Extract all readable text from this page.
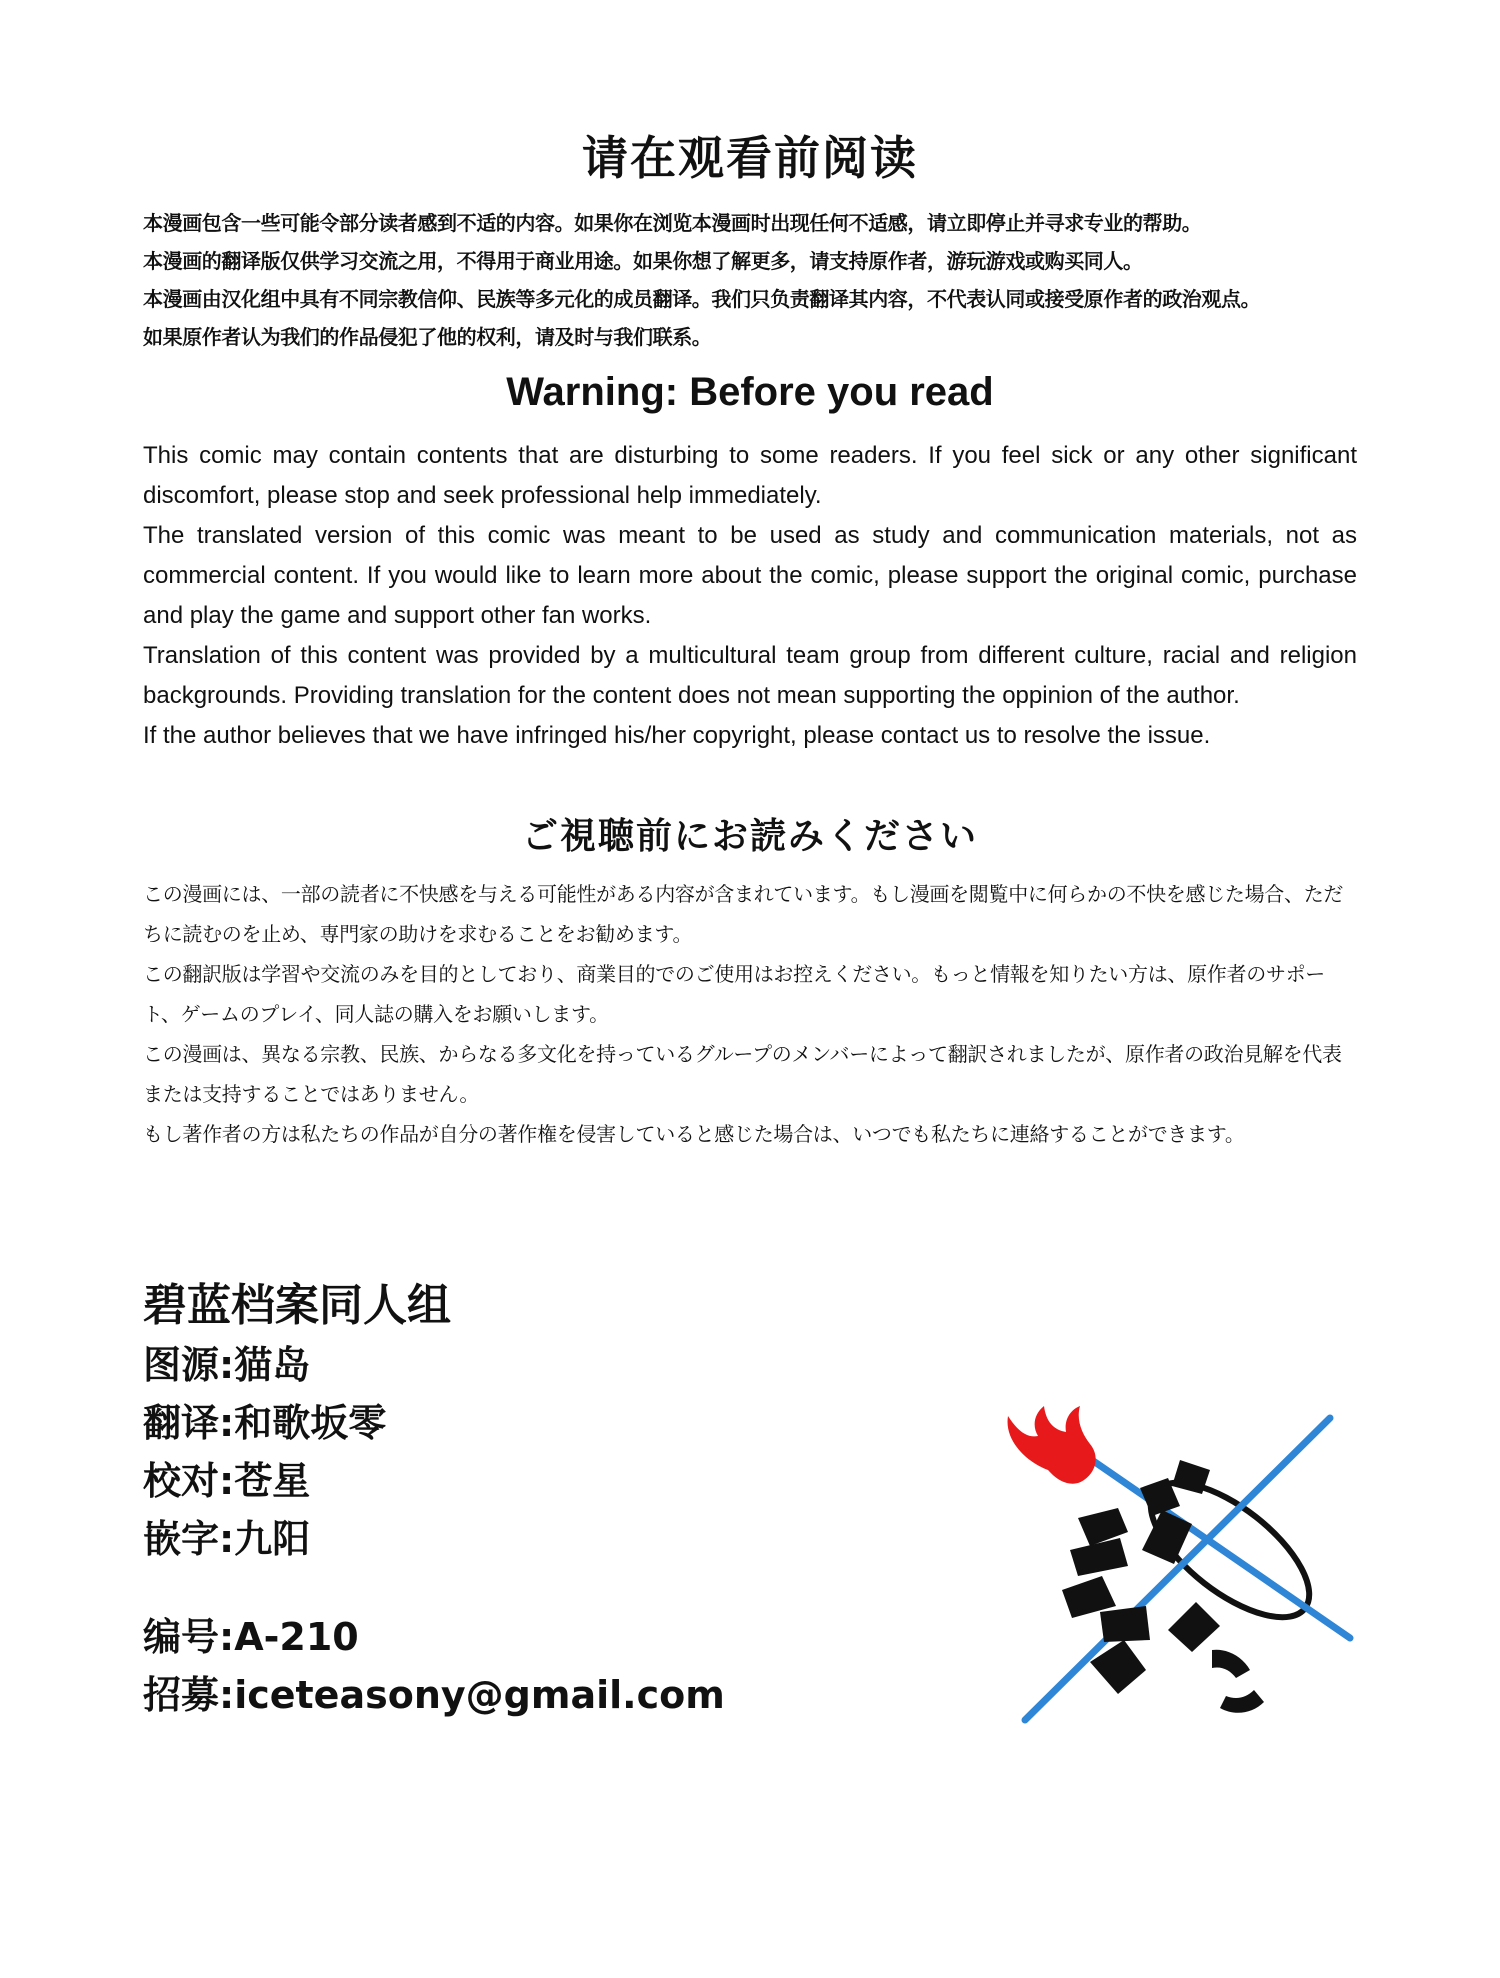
请在观看前阅读

本漫画包含一些可能令部分读者感到不适的内容。如果你在浏览本漫画时出现任何不适感，请立即停止并寻求专业的帮助。

本漫画的翻译版仅供学习交流之用，不得用于商业用途。如果你想了解更多，请支持原作者，游玩游戏或购买同人。

本漫画由汉化组中具有不同宗教信仰、民族等多元化的成员翻译。我们只负责翻译其内容，不代表认同或接受原作者的政治观点。

如果原作者认为我们的作品侵犯了他的权利，请及时与我们联系。

Warning: Before you read

This comic may contain contents that are disturbing to some readers. If you feel sick or any other significant discomfort, please stop and seek professional help immediately.

The translated version of this comic was meant to be used as study and communication materials, not as commercial content. If you would like to learn more about the comic, please support the original comic, purchase and play the game and support other fan works.

Translation of this content was provided by a multicultural team group from different culture, racial and religion backgrounds. Providing translation for the content does not mean supporting the oppinion of the author.

If the author believes that we have infringed his/her copyright, please contact us to resolve the issue.

ご視聴前にお読みください

この漫画には、一部の読者に不快感を与える可能性がある内容が含まれています。もし漫画を閲覧中に何らかの不快を感じた場合、ただちに読むのを止め、専門家の助けを求むることをお勧めます。

この翻訳版は学習や交流のみを目的としており、商業目的でのご使用はお控えください。もっと情報を知りたい方は、原作者のサポート、ゲームのプレイ、同人誌の購入をお願いします。

この漫画は、異なる宗教、民族、からなる多文化を持っているグループのメンバーによって翻訳されましたが、原作者の政治見解を代表または支持することではありません。

もし著作者の方は私たちの作品が自分の著作権を侵害していると感じた場合は、いつでも私たちに連絡することができます。

碧蓝档案同人组
图源:猫岛
翻译:和歌坂零
校对:苍星
嵌字:九阳
编号:A-210
招募:iceteasony@gmail.com
